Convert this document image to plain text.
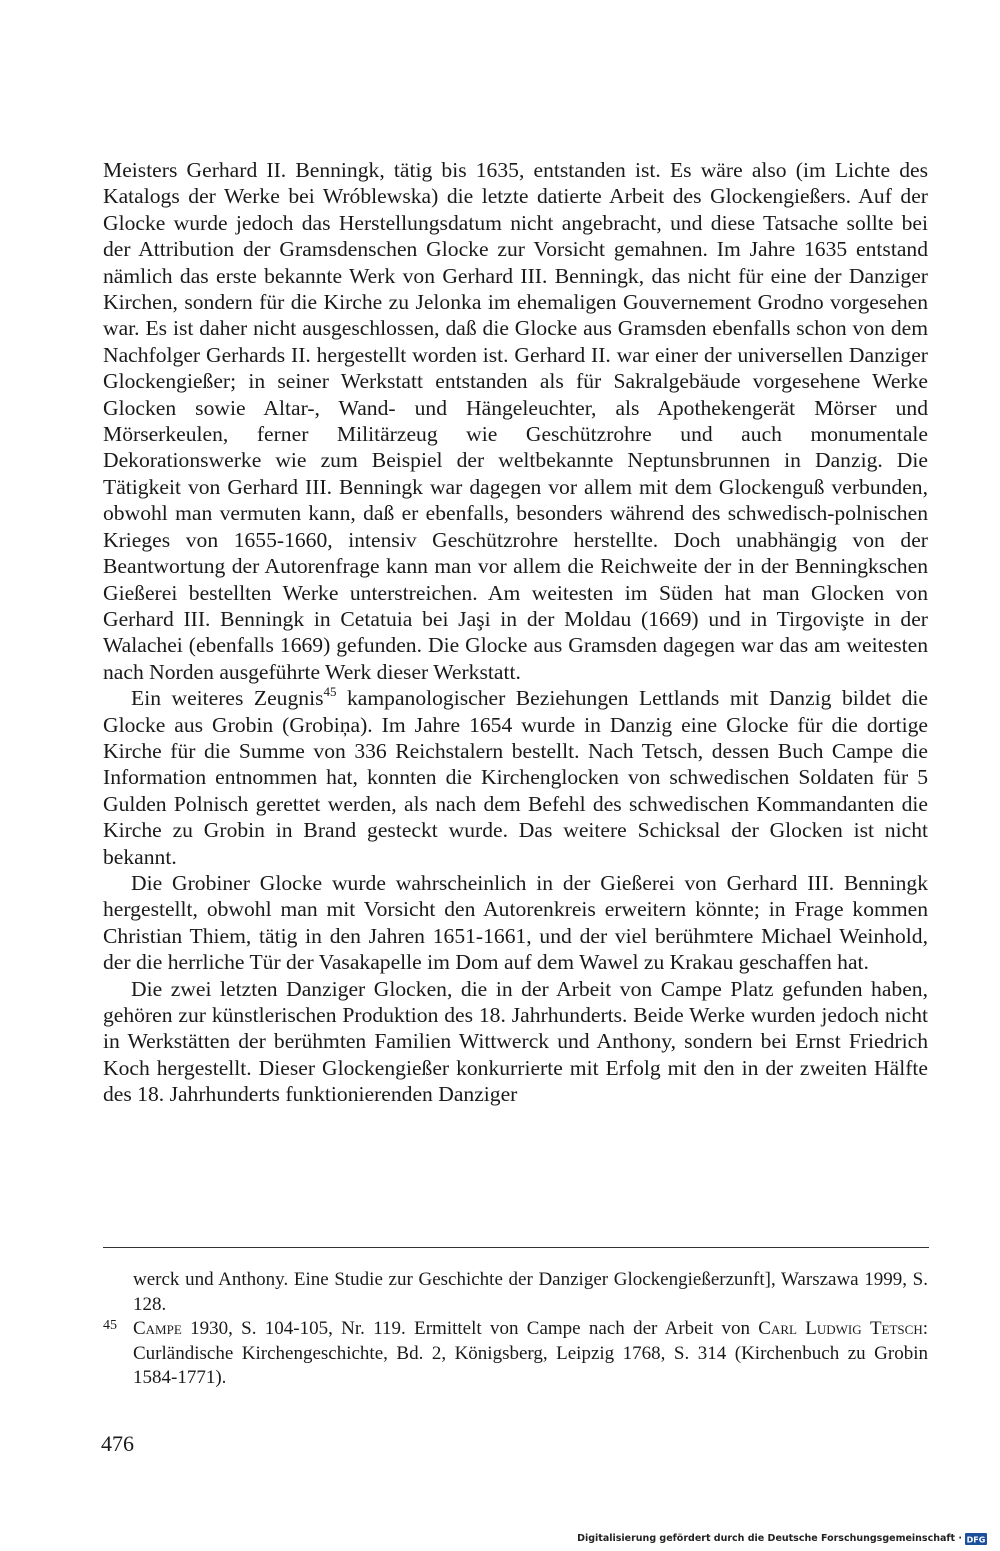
Meisters Gerhard II. Benningk, tätig bis 1635, entstanden ist. Es wäre also (im Lichte des Katalogs der Werke bei Wróblewska) die letzte datierte Arbeit des Glockengießers. Auf der Glocke wurde jedoch das Herstellungsdatum nicht angebracht, und diese Tatsache sollte bei der Attribution der Gramsdenschen Glocke zur Vorsicht gemahnen. Im Jahre 1635 entstand nämlich das erste bekannte Werk von Gerhard III. Benningk, das nicht für eine der Danziger Kirchen, sondern für die Kirche zu Jelonka im ehemaligen Gouvernement Grodno vorgesehen war. Es ist daher nicht ausgeschlossen, daß die Glocke aus Gramsden ebenfalls schon von dem Nachfolger Gerhards II. hergestellt worden ist. Gerhard II. war einer der universellen Danziger Glockengießer; in seiner Werkstatt entstanden als für Sakralgebäude vorgesehene Werke Glocken sowie Altar-, Wand- und Hängeleuchter, als Apothekengerät Mörser und Mörserkeulen, ferner Militärzeug wie Geschützrohre und auch monumentale Dekorationswerke wie zum Beispiel der weltbekannte Neptunsbrunnen in Danzig. Die Tätigkeit von Gerhard III. Benningk war dagegen vor allem mit dem Glockenguß verbunden, obwohl man vermuten kann, daß er ebenfalls, besonders während des schwedisch-polnischen Krieges von 1655-1660, intensiv Geschützrohre herstellte. Doch unabhängig von der Beantwortung der Autorenfrage kann man vor allem die Reichweite der in der Benningkschen Gießerei bestellten Werke unterstreichen. Am weitesten im Süden hat man Glocken von Gerhard III. Benningk in Cetatuia bei Jaşi in der Moldau (1669) und in Tirgovişte in der Walachei (ebenfalls 1669) gefunden. Die Glocke aus Gramsden dagegen war das am weitesten nach Norden ausgeführte Werk dieser Werkstatt.

Ein weiteres Zeugnis$^{45}$ kampanologischer Beziehungen Lettlands mit Danzig bildet die Glocke aus Grobin (Grobiņa). Im Jahre 1654 wurde in Danzig eine Glocke für die dortige Kirche für die Summe von 336 Reichstalern bestellt. Nach Tetsch, dessen Buch Campe die Information entnommen hat, konnten die Kirchenglocken von schwedischen Soldaten für 5 Gulden Polnisch gerettet werden, als nach dem Befehl des schwedischen Kommandanten die Kirche zu Grobin in Brand gesteckt wurde. Das weitere Schicksal der Glocken ist nicht bekannt.

Die Grobiner Glocke wurde wahrscheinlich in der Gießerei von Gerhard III. Benningk hergestellt, obwohl man mit Vorsicht den Autorenkreis erweitern könnte; in Frage kommen Christian Thiem, tätig in den Jahren 1651-1661, und der viel berühmtere Michael Weinhold, der die herrliche Tür der Vasakapelle im Dom auf dem Wawel zu Krakau geschaffen hat.

Die zwei letzten Danziger Glocken, die in der Arbeit von Campe Platz gefunden haben, gehören zur künstlerischen Produktion des 18. Jahrhunderts. Beide Werke wurden jedoch nicht in Werkstätten der berühmten Familien Wittwerck und Anthony, sondern bei Ernst Friedrich Koch hergestellt. Dieser Glockengießer konkurrierte mit Erfolg mit den in der zweiten Hälfte des 18. Jahrhunderts funktionierenden Danziger

werck und Anthony. Eine Studie zur Geschichte der Danziger Glockengießerzunft], Warszawa 1999, S. 128.

45 Campe 1930, S. 104-105, Nr. 119. Ermittelt von Campe nach der Arbeit von Carl Ludwig Tetsch: Curländische Kirchengeschichte, Bd. 2, Königsberg, Leipzig 1768, S. 314 (Kirchenbuch zu Grobin 1584-1771).

476
Digitalisierung gefördert durch die Deutsche Forschungsgemeinschaft · DFG
